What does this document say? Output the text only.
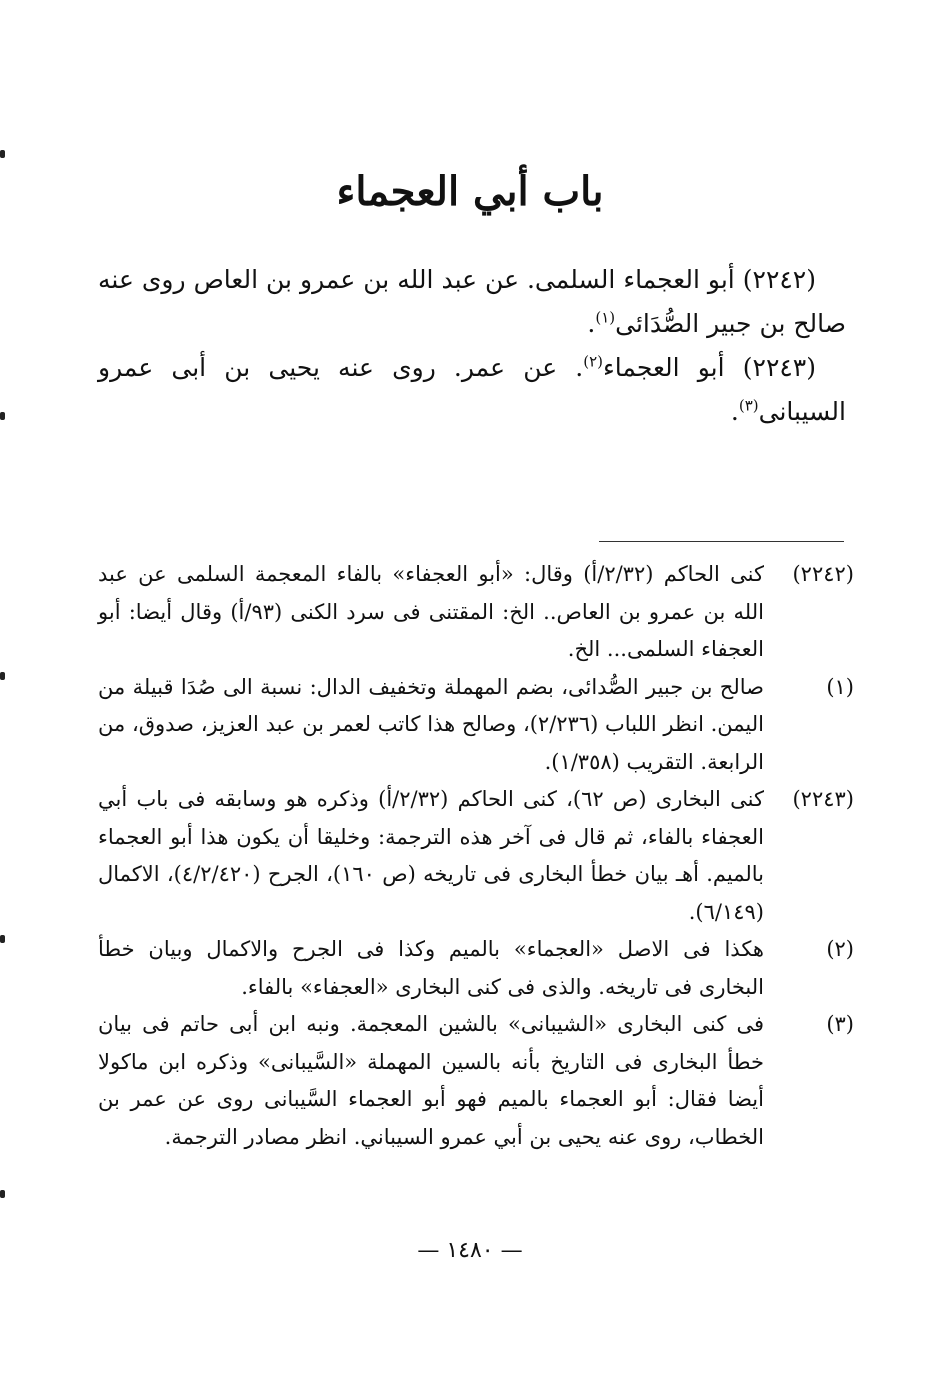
باب أبي العجماء

(٢٢٤٢) أبو العجماء السلمى. عن عبد الله بن عمرو بن العاص روى عنه صالح بن جبير الصُّدَائى$^{(١)}$.

(٢٢٤٣) أبو العجماء$^{(٢)}$. عن عمر. روى عنه يحيى بن أبى عمرو السيبانى$^{(٣)}$.

(٢٢٤٢)
كنى الحاكم (٢/٣٢/أ) وقال: «أبو العجفاء» بالفاء المعجمة السلمى عن عبد الله بن عمرو بن العاص.. الخ: المقتنى فى سرد الكنى (٩٣/أ) وقال أيضا: أبو العجفاء السلمى... الخ.
(١)
صالح بن جبير الصُّدائى، بضم المهملة وتخفيف الدال: نسبة الى صُدَا قبيلة من اليمن. انظر اللباب (٢/٢٣٦)، وصالح هذا كاتب لعمر بن عبد العزيز، صدوق، من الرابعة. التقريب (١/٣٥٨).
(٢٢٤٣)
كنى البخارى (ص ٦٢)، كنى الحاكم (٢/٣٢/أ) وذكره هو وسابقه فى باب أبي العجفاء بالفاء، ثم قال فى آخر هذه الترجمة: وخليقا أن يكون هذا أبو العجماء بالميم. أهـ بيان خطأ البخارى فى تاريخه (ص ١٦٠)، الجرح (٤/٢/٤٢٠)، الاكمال (٦/١٤٩).
(٢)
هكذا فى الاصل «العجماء» بالميم وكذا فى الجرح والاكمال وبيان خطأ البخارى فى تاريخه. والذى فى كنى البخارى «العجفاء» بالفاء.
(٣)
فى كنى البخارى «الشيبانى» بالشين المعجمة. ونبه ابن أبى حاتم فى بيان خطأ البخارى فى التاريخ بأنه بالسين المهملة «السَّيبانى» وذكره ابن ماكولا أيضا فقال: أبو العجماء بالميم فهو أبو العجماء السَّيبانى روى عن عمر بن الخطاب، روى عنه يحيى بن أبي عمرو السيباني. انظر مصادر الترجمة.
— ١٤٨٠ —
